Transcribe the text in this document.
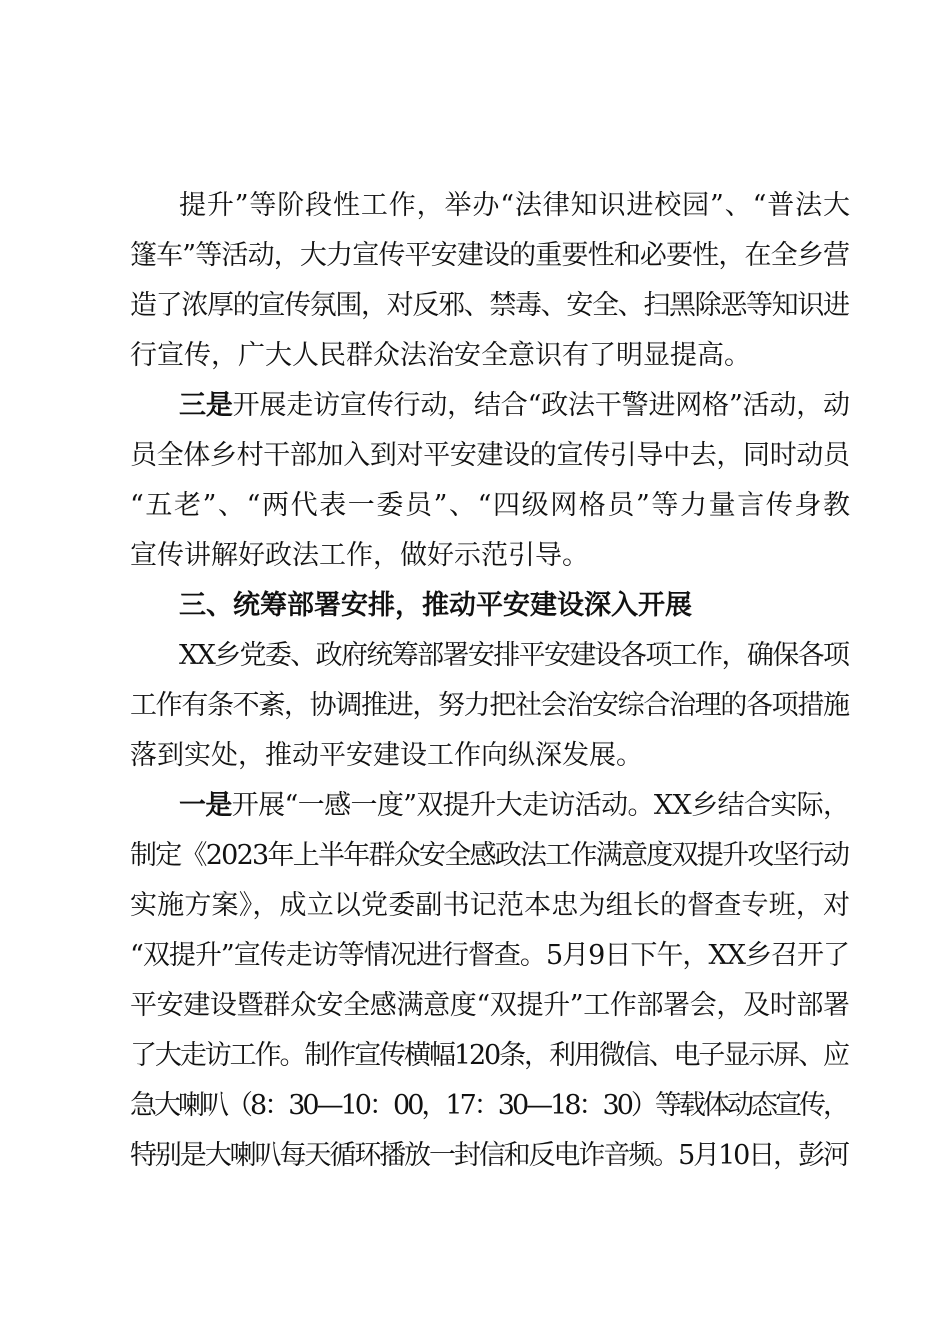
提升”等阶段性工作，举办“法律知识进校园”、“普法大
篷车”等活动，大力宣传平安建设的重要性和必要性，在全乡营
造了浓厚的宣传氛围，对反邪、禁毒、安全、扫黑除恶等知识进
行宣传，广大人民群众法治安全意识有了明显提高。
三是开展走访宣传行动，结合“政法干警进网格”活动，动
员全体乡村干部加入到对平安建设的宣传引导中去，同时动员
“五老”、“两代表一委员”、“四级网格员”等力量言传身教
宣传讲解好政法工作，做好示范引导。
三、统筹部署安排，推动平安建设深入开展
XX乡党委、政府统筹部署安排平安建设各项工作，确保各项
工作有条不紊，协调推进，努力把社会治安综合治理的各项措施
落到实处，推动平安建设工作向纵深发展。
一是开展“一感一度”双提升大走访活动。XX乡结合实际，
制定《2023年上半年群众安全感政法工作满意度双提升攻坚行动
实施方案》，成立以党委副书记范本忠为组长的督查专班，对
“双提升”宣传走访等情况进行督查。5月9日下午，XX乡召开了
平安建设暨群众安全感满意度“双提升”工作部署会，及时部署
了大走访工作。制作宣传横幅120条，利用微信、电子显示屏、应
急大喇叭（8：30—10：00，17：30—18：30）等载体动态宣传，
特别是大喇叭每天循环播放一封信和反电诈音频。5月10日，彭河
